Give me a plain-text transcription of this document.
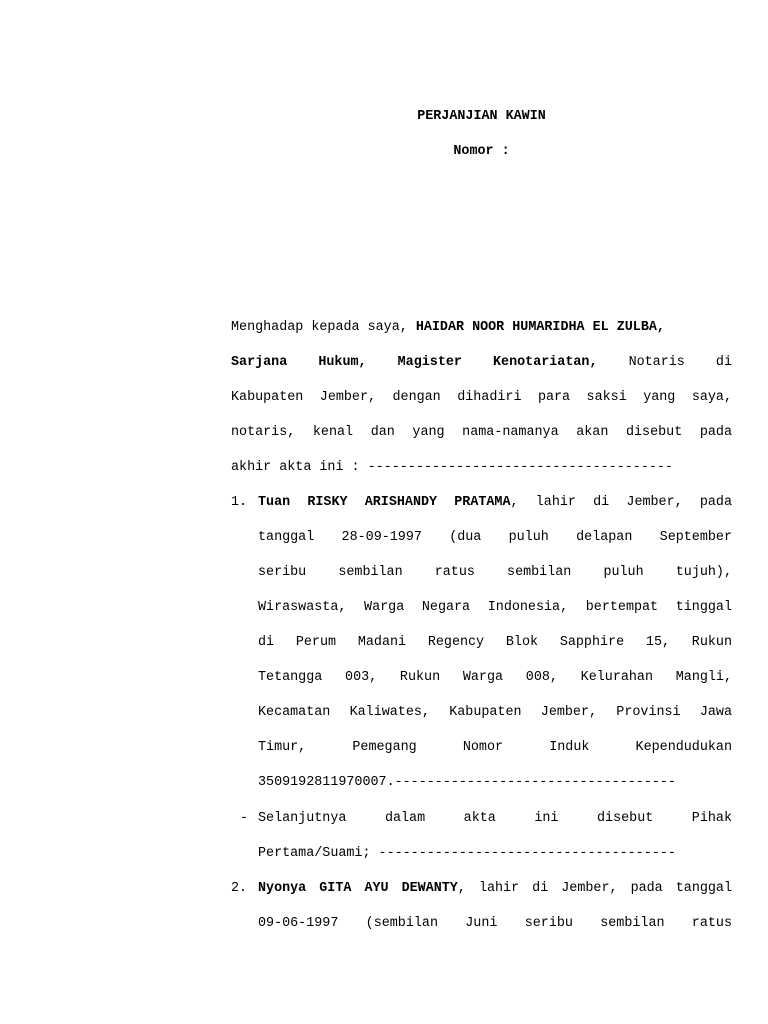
PERJANJIAN KAWIN
Nomor :
Menghadap kepada saya, HAIDAR NOOR HUMARIDHA EL ZULBA,
Sarjana Hukum, Magister Kenotariatan, Notaris di
Kabupaten Jember, dengan dihadiri para saksi yang saya,
notaris, kenal dan yang nama-namanya akan disebut pada
akhir akta ini : --------------------------------------
1. Tuan RISKY ARISHANDY PRATAMA, lahir di Jember, pada
tanggal 28-09-1997 (dua puluh delapan September
seribu sembilan ratus sembilan puluh tujuh),
Wiraswasta, Warga Negara Indonesia, bertempat tinggal
di Perum Madani Regency Blok Sapphire 15, Rukun
Tetangga 003, Rukun Warga 008, Kelurahan Mangli,
Kecamatan Kaliwates, Kabupaten Jember, Provinsi Jawa
Timur, Pemegang Nomor Induk Kependudukan
3509192811970007.-----------------------------------
- Selanjutnya dalam akta ini disebut Pihak
Pertama/Suami; -------------------------------------
2. Nyonya GITA AYU DEWANTY, lahir di Jember, pada tanggal
09-06-1997 (sembilan Juni seribu sembilan ratus
